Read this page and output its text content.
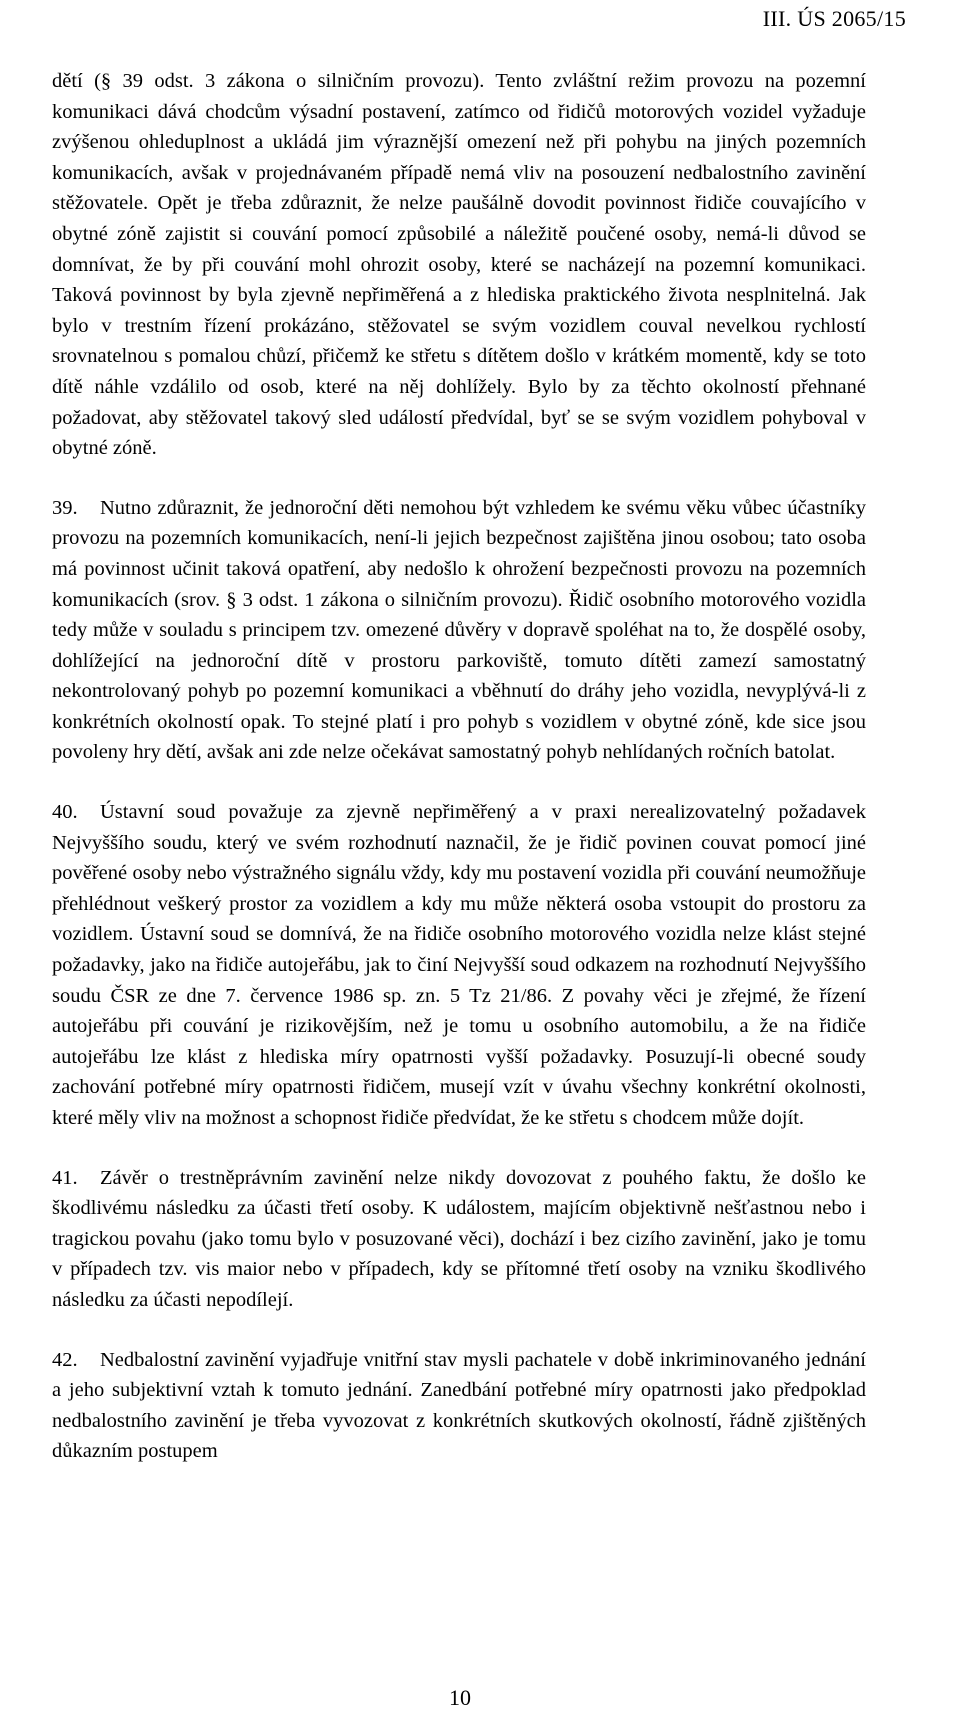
III. ÚS 2065/15

dětí (§ 39 odst. 3 zákona o silničním provozu). Tento zvláštní režim provozu na pozemní komunikaci dává chodcům výsadní postavení, zatímco od řidičů motorových vozidel vyžaduje zvýšenou ohleduplnost a ukládá jim výraznější omezení než při pohybu na jiných pozemních komunikacích, avšak v projednávaném případě nemá vliv na posouzení nedbalostního zavinění stěžovatele. Opět je třeba zdůraznit, že nelze paušálně dovodit povinnost řidiče couvajícího v obytné zóně zajistit si couvání pomocí způsobilé a náležitě poučené osoby, nemá-li důvod se domnívat, že by při couvání mohl ohrozit osoby, které se nacházejí na pozemní komunikaci. Taková povinnost by byla zjevně nepřiměřená a z hlediska praktického života nesplnitelná. Jak bylo v trestním řízení prokázáno, stěžovatel se svým vozidlem couval nevelkou rychlostí srovnatelnou s pomalou chůzí, přičemž ke střetu s dítětem došlo v krátkém momentě, kdy se toto dítě náhle vzdálilo od osob, které na něj dohlížely. Bylo by za těchto okolností přehnané požadovat, aby stěžovatel takový sled událostí předvídal, byť se se svým vozidlem pohyboval v obytné zóně.

39. Nutno zdůraznit, že jednoroční děti nemohou být vzhledem ke svému věku vůbec účastníky provozu na pozemních komunikacích, není-li jejich bezpečnost zajištěna jinou osobou; tato osoba má povinnost učinit taková opatření, aby nedošlo k ohrožení bezpečnosti provozu na pozemních komunikacích (srov. § 3 odst. 1 zákona o silničním provozu). Řidič osobního motorového vozidla tedy může v souladu s principem tzv. omezené důvěry v dopravě spoléhat na to, že dospělé osoby, dohlížející na jednoroční dítě v prostoru parkoviště, tomuto dítěti zamezí samostatný nekontrolovaný pohyb po pozemní komunikaci a vběhnutí do dráhy jeho vozidla, nevyplývá-li z konkrétních okolností opak. To stejné platí i pro pohyb s vozidlem v obytné zóně, kde sice jsou povoleny hry dětí, avšak ani zde nelze očekávat samostatný pohyb nehlídaných ročních batolat.

40. Ústavní soud považuje za zjevně nepřiměřený a v praxi nerealizovatelný požadavek Nejvyššího soudu, který ve svém rozhodnutí naznačil, že je řidič povinen couvat pomocí jiné pověřené osoby nebo výstražného signálu vždy, kdy mu postavení vozidla při couvání neumožňuje přehlédnout veškerý prostor za vozidlem a kdy mu může některá osoba vstoupit do prostoru za vozidlem. Ústavní soud se domnívá, že na řidiče osobního motorového vozidla nelze klást stejné požadavky, jako na řidiče autojeřábu, jak to činí Nejvyšší soud odkazem na rozhodnutí Nejvyššího soudu ČSR ze dne 7. července 1986 sp. zn. 5 Tz 21/86. Z povahy věci je zřejmé, že řízení autojeřábu při couvání je rizikovějším, než je tomu u osobního automobilu, a že na řidiče autojeřábu lze klást z hlediska míry opatrnosti vyšší požadavky. Posuzují-li obecné soudy zachování potřebné míry opatrnosti řidičem, musejí vzít v úvahu všechny konkrétní okolnosti, které měly vliv na možnost a schopnost řidiče předvídat, že ke střetu s chodcem může dojít.

41. Závěr o trestněprávním zavinění nelze nikdy dovozovat z pouhého faktu, že došlo ke škodlivému následku za účasti třetí osoby. K událostem, majícím objektivně nešťastnou nebo i tragickou povahu (jako tomu bylo v posuzované věci), dochází i bez cizího zavinění, jako je tomu v případech tzv. vis maior nebo v případech, kdy se přítomné třetí osoby na vzniku škodlivého následku za účasti nepodílejí.

42. Nedbalostní zavinění vyjadřuje vnitřní stav mysli pachatele v době inkriminovaného jednání a jeho subjektivní vztah k tomuto jednání. Zanedbání potřebné míry opatrnosti jako předpoklad nedbalostního zavinění je třeba vyvozovat z konkrétních skutkových okolností, řádně zjištěných důkazním postupem

10
